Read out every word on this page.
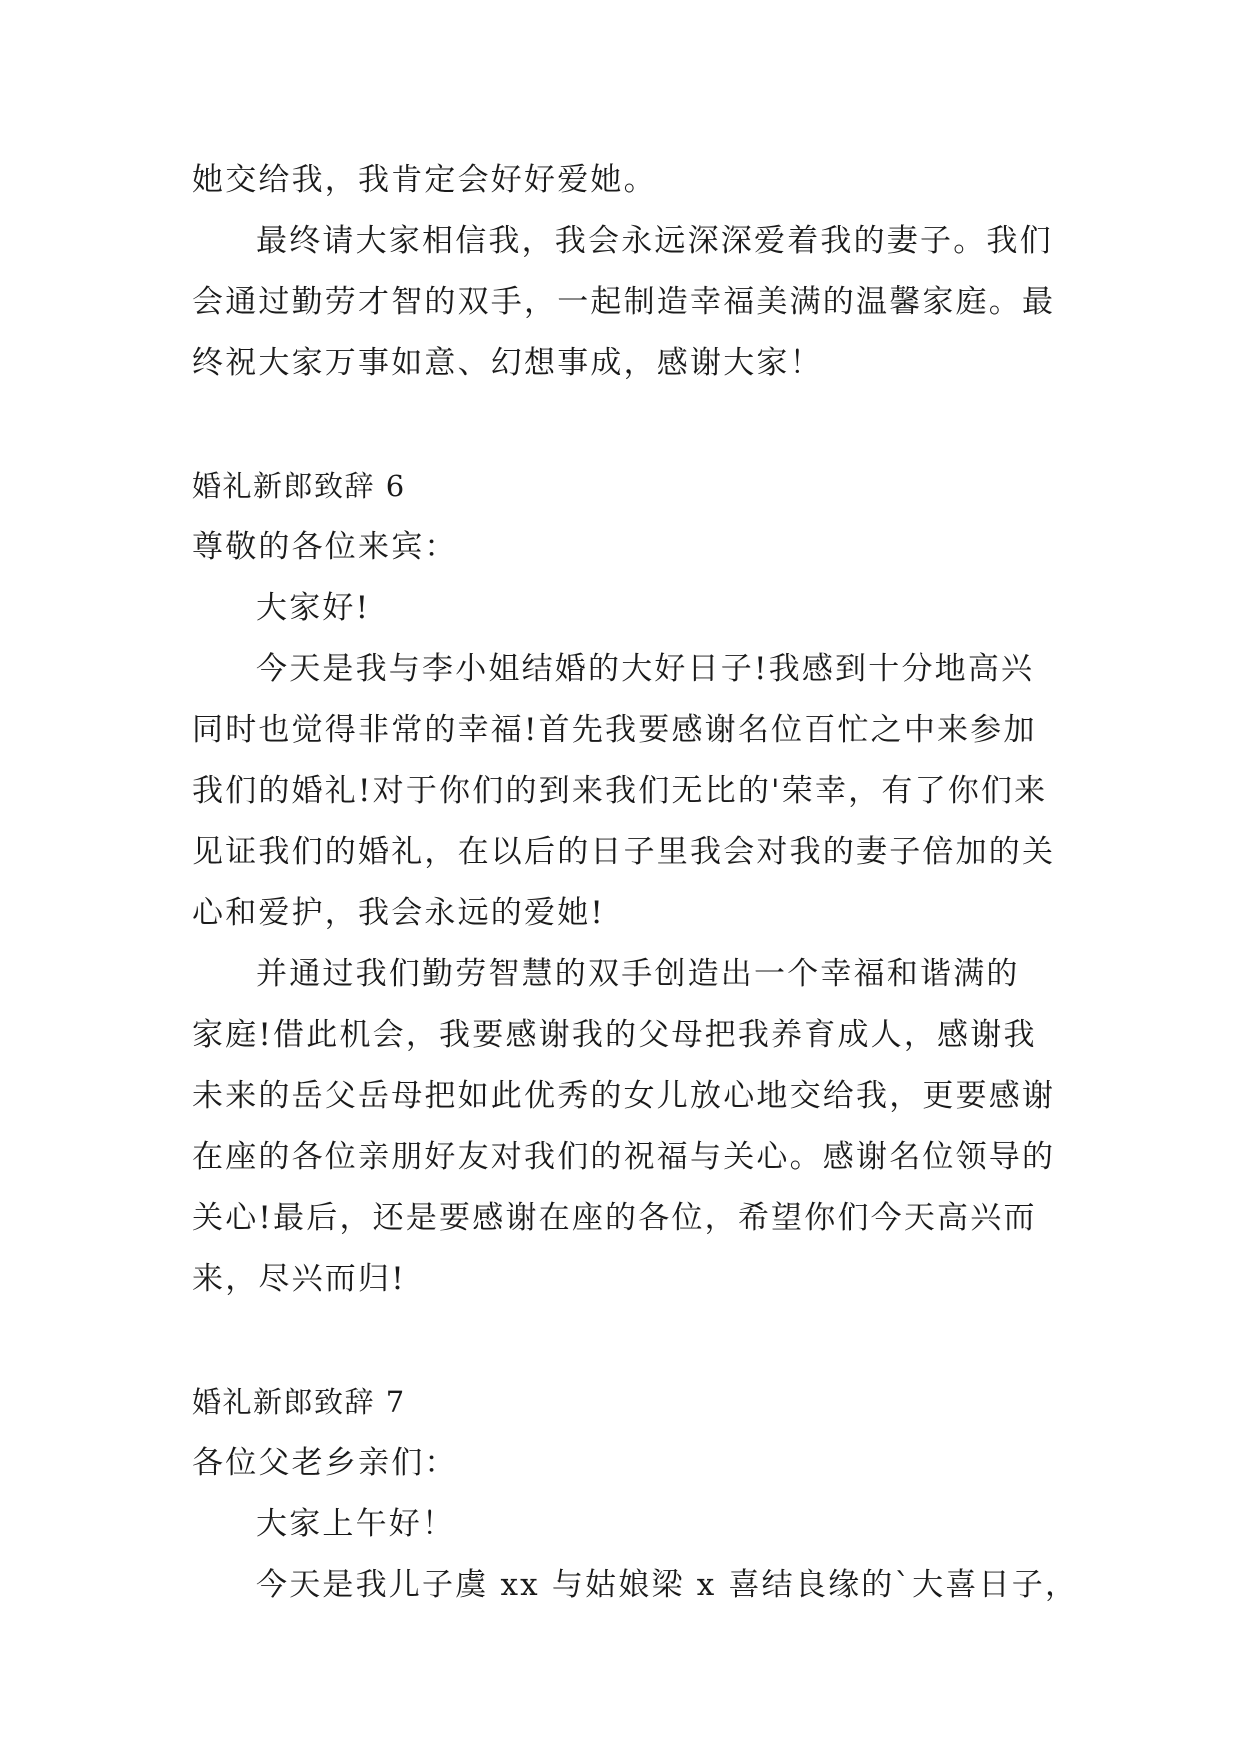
她交给我，我肯定会好好爱她。
最终请大家相信我，我会永远深深爱着我的妻子。我们
会通过勤劳才智的双手，一起制造幸福美满的温馨家庭。最
终祝大家万事如意、幻想事成，感谢大家！
婚礼新郎致辞 6
尊敬的各位来宾：
大家好!
今天是我与李小姐结婚的大好日子!我感到十分地高兴
同时也觉得非常的幸福!首先我要感谢名位百忙之中来参加
我们的婚礼!对于你们的到来我们无比的'荣幸，有了你们来
见证我们的婚礼，在以后的日子里我会对我的妻子倍加的关
心和爱护，我会永远的爱她!
并通过我们勤劳智慧的双手创造出一个幸福和谐满的
家庭!借此机会，我要感谢我的父母把我养育成人，感谢我
未来的岳父岳母把如此优秀的女儿放心地交给我，更要感谢
在座的各位亲朋好友对我们的祝福与关心。感谢名位领导的
关心!最后，还是要感谢在座的各位，希望你们今天高兴而
来，尽兴而归!
婚礼新郎致辞 7
各位父老乡亲们：
大家上午好！
今天是我儿子虞 xx 与姑娘梁 x 喜结良缘的`大喜日子，
